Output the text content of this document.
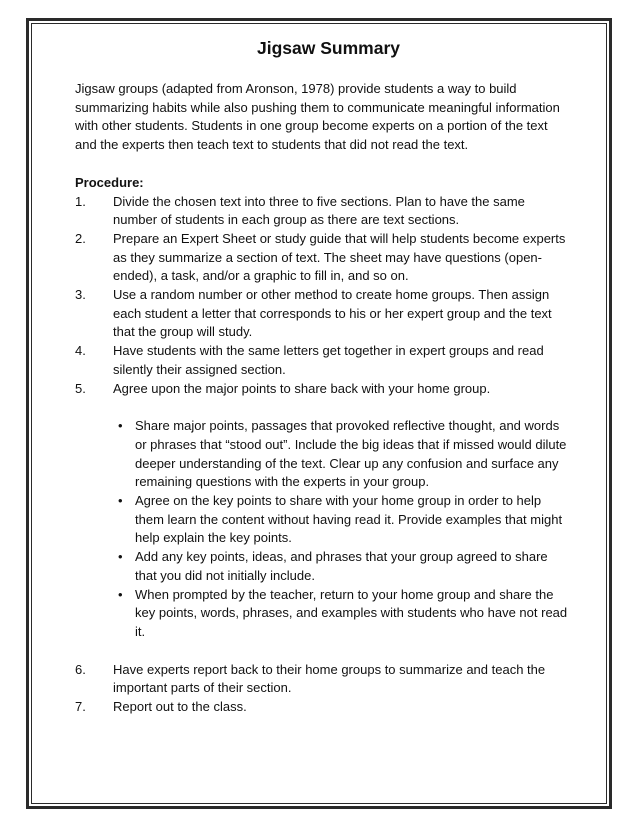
Jigsaw Summary

Jigsaw groups (adapted from Aronson, 1978) provide students a way to build summarizing habits while also pushing them to communicate meaningful information with other students. Students in one group become experts on a portion of the text and the experts then teach text to students that did not read the text.

Procedure:

1.	Divide the chosen text into three to five sections. Plan to have the same number of students in each group as there are text sections.
2.	Prepare an Expert Sheet or study guide that will help students become experts as they summarize a section of text. The sheet may have questions (open-ended), a task, and/or a graphic to fill in, and so on.
3.	Use a random number or other method to create home groups. Then assign each student a letter that corresponds to his or her expert group and the text that the group will study.
4.	Have students with the same letters get together in expert groups and read silently their assigned section.
5.	Agree upon the major points to share back with your home group.
• Share major points, passages that provoked reflective thought, and words or phrases that “stood out”. Include the big ideas that if missed would dilute deeper understanding of the text. Clear up any confusion and surface any remaining questions with the experts in your group.
• Agree on the key points to share with your home group in order to help them learn the content without having read it. Provide examples that might help explain the key points.
• Add any key points, ideas, and phrases that your group agreed to share that you did not initially include.
• When prompted by the teacher, return to your home group and share the key points, words, phrases, and examples with students who have not read it.
6.	Have experts report back to their home groups to summarize and teach the important parts of their section.
7.	Report out to the class.
